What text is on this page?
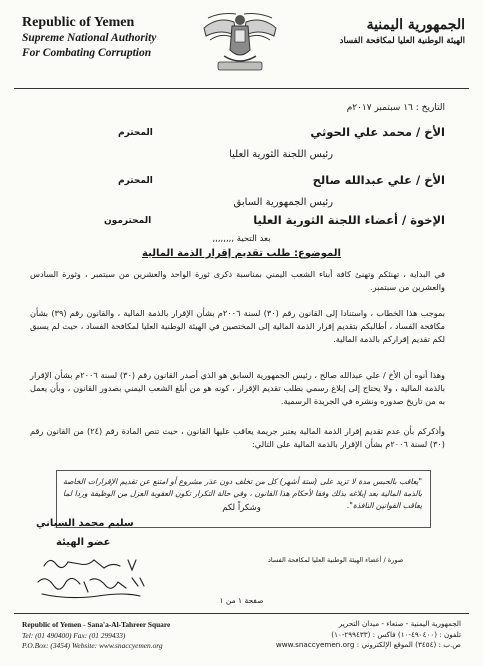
Republic of Yemen
Supreme National Authority
For Combating Corruption
الجمهورية اليمنية
الهيئة الوطنية العليا لمكافحة الفساد
التاريخ : ١٦ سبتمبر ٢٠١٧م
الأخ / محمد علي الحوثي
المحترم
رئيس اللجنة الثورية العليا
الأخ / علي عبدالله صالح
المحترم
رئيس الجمهورية السابق
الإخوة / أعضاء اللجنة الثورية العليا
المحترمون
بعد التحية ,,,,,,,,
الموضوع: طلب تقديم إقرار الذمة المالية
في البداية ، تهنئكم وتهنئ كافة أبناء الشعب اليمني بمناسبة ذكرى ثورة الواحد والعشرين من سبتمبر ، وثورة السادس والعشرين من سبتمبر.
بموجب هذا الخطاب ، واستنادا إلى القانون رقم (٣٠) لسنة ٢٠٠٦م بشأن الإقرار بالذمة المالية ، والقانون رقم (٣٩) بشأن مكافحة الفساد ، أطالبكم بتقديم إقرار الذمة المالية إلى المختصين في الهيئة الوطنية العليا لمكافحة الفساد ، حيث لم يسبق لكم تقديم إقراركم بالذمة المالية.
وهذا أنوه أن الأخ / علي عبدالله صالح ، رئيس الجمهورية السابق هو الذي أصدر القانون رقم (٣٠) لسنة ٢٠٠٦م بشأن الإقرار بالذمة المالية ، ولا يحتاج إلى إبلاغ رسمي بطلب تقديم الإقرار ، كونه هو من أبلغ الشعب اليمني بصدور القانون ، وبأن يعمل به من تاريخ صدوره ونشره في الجريدة الرسمية.
وأذكركم بأن عدم تقديم إقرار الذمة المالية يعتبر جريمة يعاقب عليها القانون ، حيث تنص المادة رقم (٢٤) من القانون رقم (٣٠) لسنة ٢٠٠٦م بشأن الإقرار بالذمة المالية على التالي:
"يعاقب بالحبس مدة لا تزيد على (ستة أشهر) كل من تخلف دون عذر مشروع أو امتنع عن تقديم الإقرارات الخاصة بالذمة المالية بعد إبلاغه بذلك وفقا لأحكام هذا القانون ، وفي حالة التكرار تكون العقوبة العزل من الوظيفة وردا لما يعاقب القوانين النافذة".
وشكراً لكم
سليم محمد السياني
عضو الهيئة
صورة / أعضاء الهيئة الوطنية العليا لمكافحة الفساد
صفحة ١ من ١
Republic of Yemen - Sana'a-Al-Tahreer Square
Tel: (01 490400) Fax: (01 299433)
P.O.Box: (3454) Website: www.snaccyemen.org
الجمهورية اليمنية - صنعاء - ميدان التحرير
تلفون : (٤٩٠٤٠٠-١٠) فاكس : (٢٩٩٤٣٣-١٠)
ص.ب : (٣٤٥٤) الموقع الإلكتروني : www.snaccyemen.org
